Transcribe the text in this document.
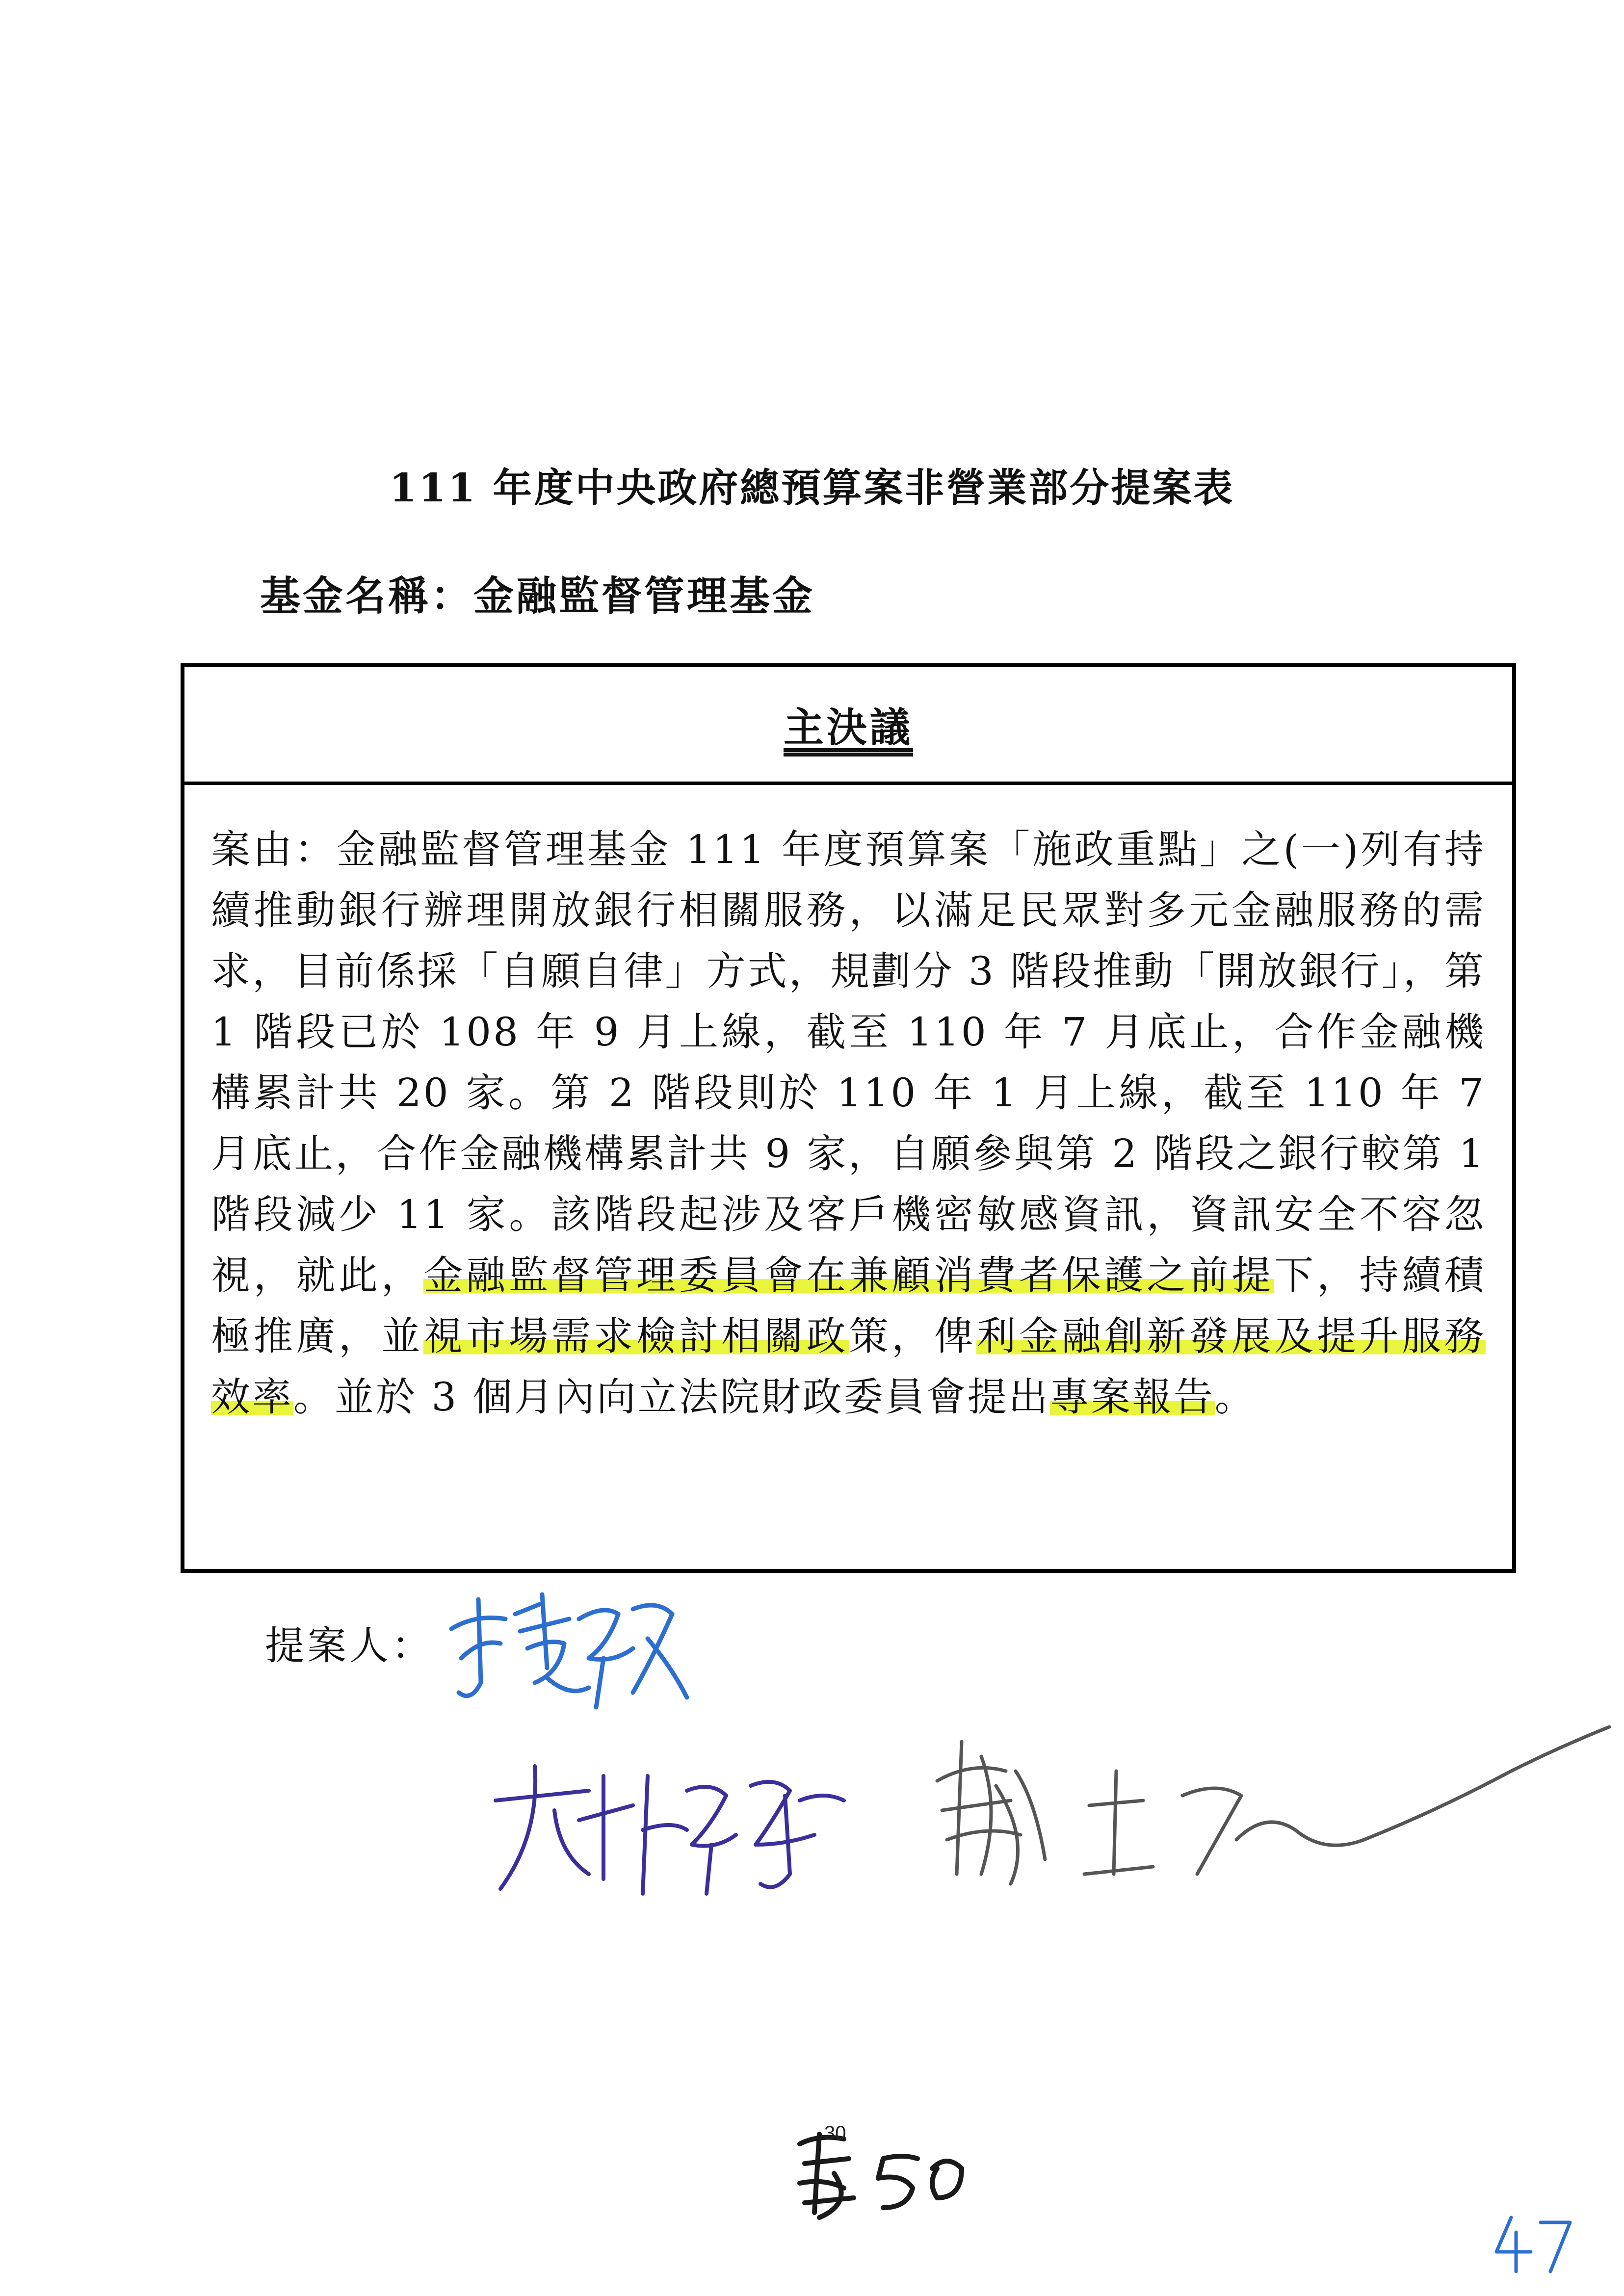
111 年度中央政府總預算案非營業部分提案表
基金名稱：金融監督管理基金
主決議
案由：金融監督管理基金 111 年度預算案「施政重點」之(一)列有持續推動銀行辦理開放銀行相關服務，以滿足民眾對多元金融服務的需求，目前係採「自願自律」方式，規劃分 3 階段推動「開放銀行」，第 1 階段已於 108 年 9 月上線，截至 110 年 7 月底止，合作金融機構累計共 20 家。第 2 階段則於 110 年 1 月上線，截至 110 年 7 月底止，合作金融機構累計共 9 家，自願參與第 2 階段之銀行較第 1 階段減少 11 家。該階段起涉及客戶機密敏感資訊，資訊安全不容忽視，就此，金融監督管理委員會在兼顧消費者保護之前提下，持續積極推廣，並視市場需求檢討相關政策，俾利金融創新發展及提升服務效率。並於 3 個月內向立法院財政委員會提出專案報告。
提案人：
30
